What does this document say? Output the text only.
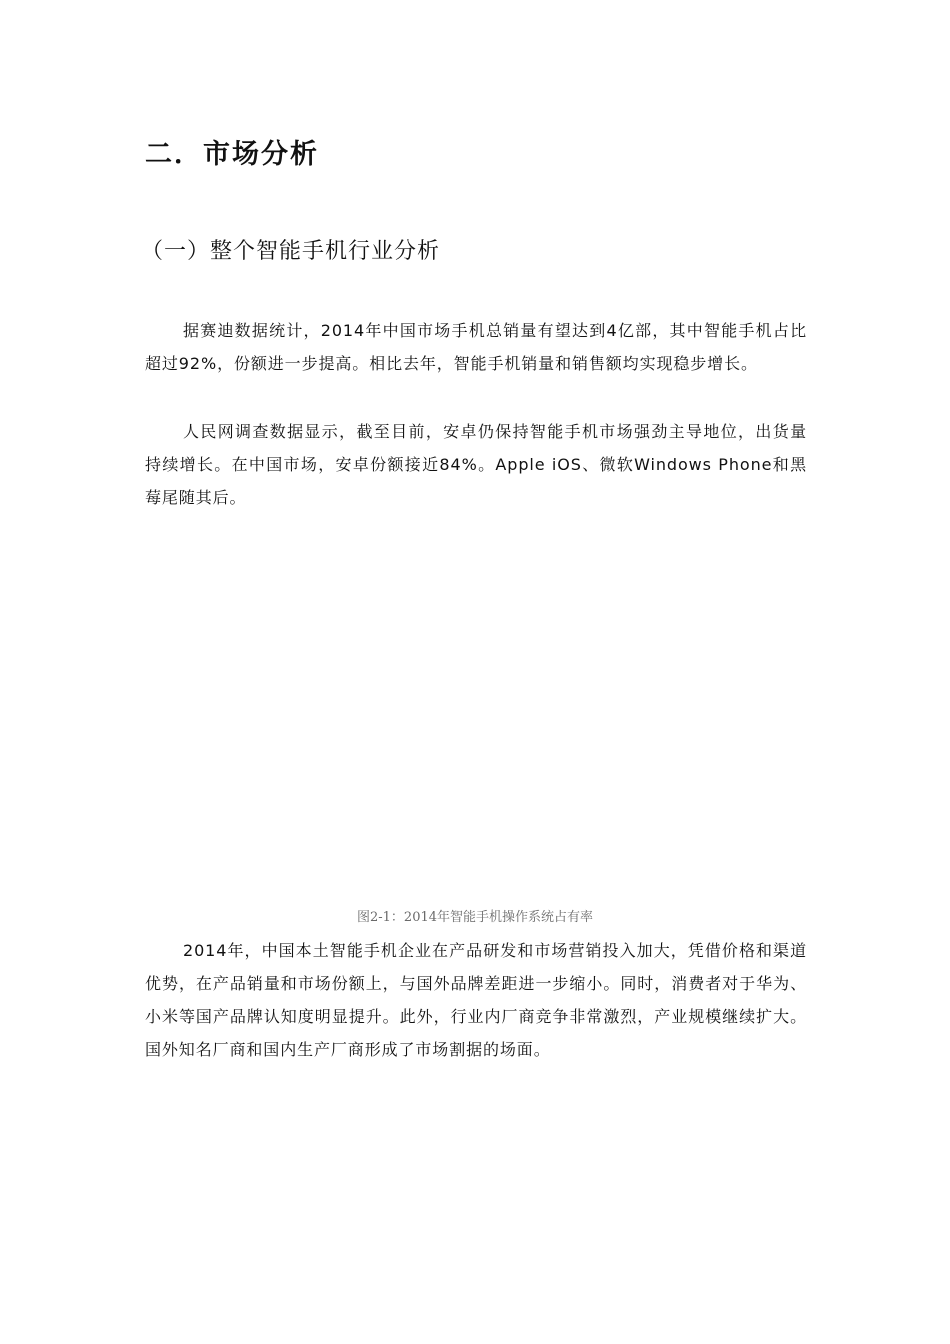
二．市场分析
（一）整个智能手机行业分析

据赛迪数据统计，2014年中国市场手机总销量有望达到4亿部，其中智能手机占比超过92%，份额进一步提高。相比去年，智能手机销量和销售额均实现稳步增长。

人民网调查数据显示，截至目前，安卓仍保持智能手机市场强劲主导地位，出货量持续增长。在中国市场，安卓份额接近84%。Apple iOS、微软Windows Phone和黑莓尾随其后。

图2-1：2014年智能手机操作系统占有率

2014年，中国本土智能手机企业在产品研发和市场营销投入加大，凭借价格和渠道优势，在产品销量和市场份额上，与国外品牌差距进一步缩小。同时，消费者对于华为、小米等国产品牌认知度明显提升。此外，行业内厂商竞争非常激烈，产业规模继续扩大。国外知名厂商和国内生产厂商形成了市场割据的场面。
